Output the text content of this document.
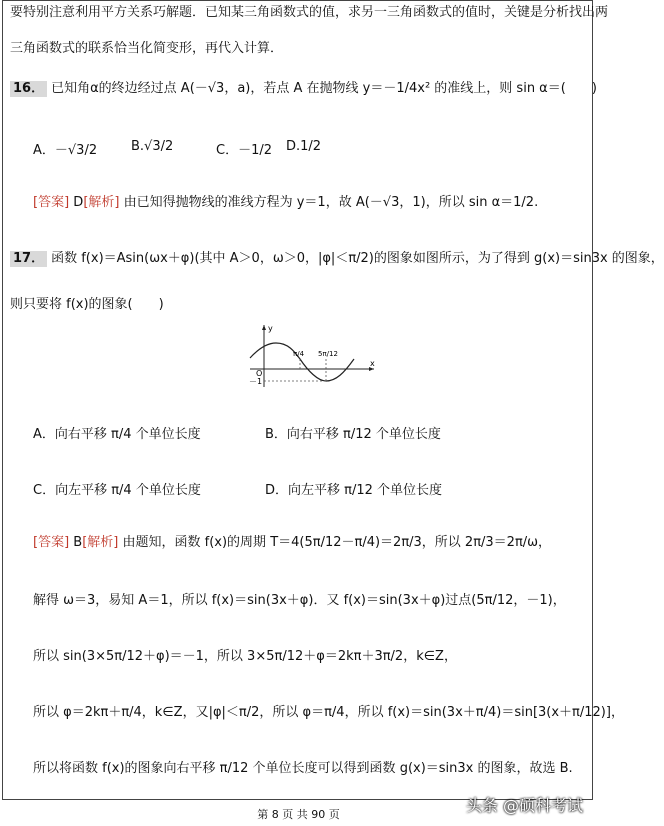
要特别注意利用平方关系巧解题．已知某三角函数式的值，求另一三角函数式的值时，关键是分析找出两
三角函数式的联系恰当化简变形，再代入计算．
16． 已知角α的终边经过点 A(－√3，a)，若点 A 在抛物线 y＝－1/4x² 的准线上，则 sin α＝(　　)
A．－√3/2	B.√3/2	C．－1/2 D.1/2
[答案] D[解析] 由已知得抛物线的准线方程为 y＝1，故 A(－√3，1)，所以 sin α＝1/2.
17． 函数 f(x)＝Asin(ωx＋φ)(其中 A＞0，ω＞0，|φ|＜π/2)的图象如图所示，为了得到 g(x)＝sin3x 的图象，
则只要将 f(x)的图象(　　)
y
x
O
－1
π/4 5π/12
A．向右平移 π/4 个单位长度	B．向右平移 π/12 个单位长度
C．向左平移 π/4 个单位长度	D．向左平移 π/12 个单位长度
[答案] B[解析] 由题知，函数 f(x)的周期 T＝4(5π/12－π/4)＝2π/3，所以 2π/3＝2π/ω，
解得 ω＝3，易知 A＝1，所以 f(x)＝sin(3x＋φ)．又 f(x)＝sin(3x＋φ)过点(5π/12，－1)，
所以 sin(3×5π/12＋φ)＝－1，所以 3×5π/12＋φ＝2kπ＋3π/2，k∈Z，
所以 φ＝2kπ＋π/4，k∈Z，又|φ|＜π/2，所以 φ＝π/4，所以 f(x)＝sin(3x＋π/4)＝sin[3(x＋π/12)]，
所以将函数 f(x)的图象向右平移 π/12 个单位长度可以得到函数 g(x)＝sin3x 的图象，故选 B.
第 8 页 共 90 页	头条 @硕科考试
